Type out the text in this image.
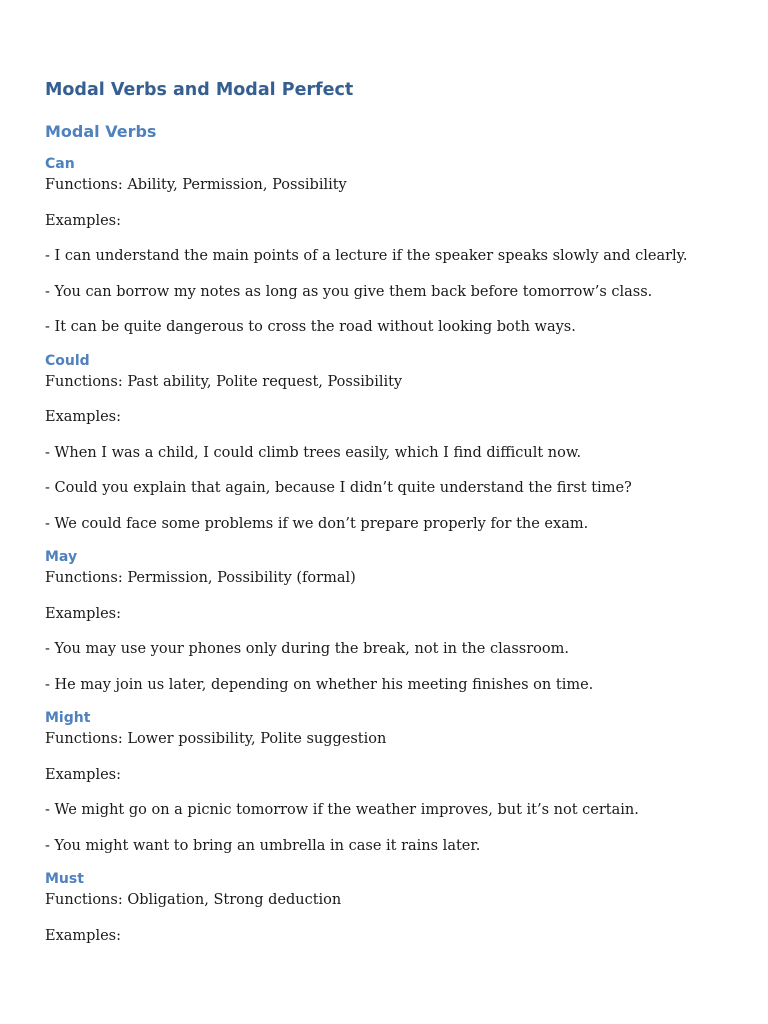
Modal Verbs and Modal Perfect
Modal Verbs
Can
Functions: Ability, Permission, Possibility
Examples:
- I can understand the main points of a lecture if the speaker speaks slowly and clearly.
- You can borrow my notes as long as you give them back before tomorrow’s class.
- It can be quite dangerous to cross the road without looking both ways.
Could
Functions: Past ability, Polite request, Possibility
Examples:
- When I was a child, I could climb trees easily, which I find difficult now.
- Could you explain that again, because I didn’t quite understand the first time?
- We could face some problems if we don’t prepare properly for the exam.
May
Functions: Permission, Possibility (formal)
Examples:
- You may use your phones only during the break, not in the classroom.
- He may join us later, depending on whether his meeting finishes on time.
Might
Functions: Lower possibility, Polite suggestion
Examples:
- We might go on a picnic tomorrow if the weather improves, but it’s not certain.
- You might want to bring an umbrella in case it rains later.
Must
Functions: Obligation, Strong deduction
Examples:
